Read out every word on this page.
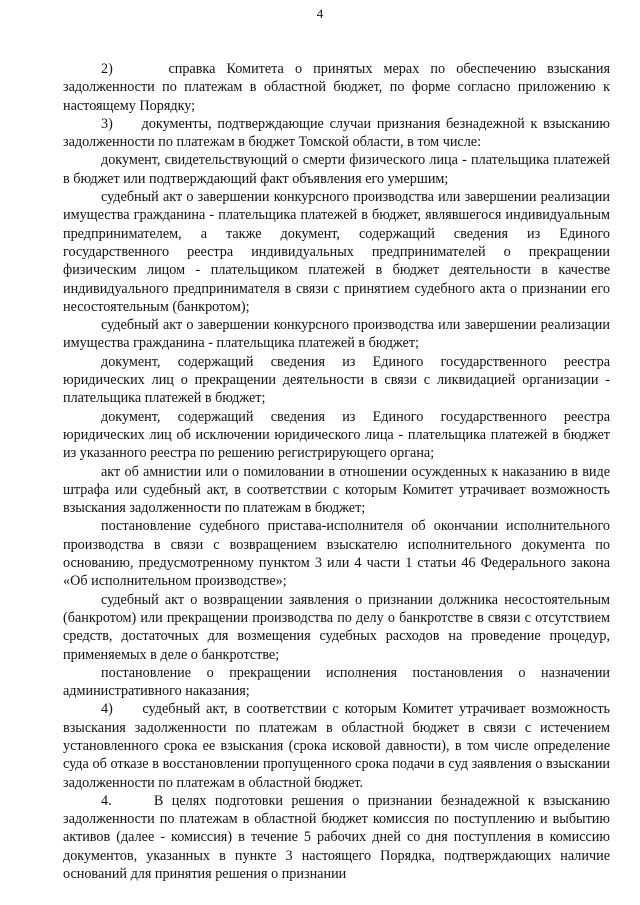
4

2)     справка Комитета о принятых мерах по обеспечению взыскания задолженности по платежам в областной бюджет, по форме согласно приложению к настоящему Порядку;

3)     документы, подтверждающие случаи признания безнадежной к взысканию задолженности по платежам в бюджет Томской области, в том числе:

документ, свидетельствующий о смерти физического лица - плательщика платежей в бюджет или подтверждающий факт объявления его умершим;

судебный акт о завершении конкурсного производства или завершении реализации имущества гражданина - плательщика платежей в бюджет, являвшегося индивидуальным предпринимателем, а также документ, содержащий сведения из Единого государственного реестра индивидуальных предпринимателей о прекращении физическим лицом - плательщиком платежей в бюджет деятельности в качестве индивидуального предпринимателя в связи с принятием судебного акта о признании его несостоятельным (банкротом);

судебный акт о завершении конкурсного производства или завершении реализации имущества гражданина - плательщика платежей в бюджет;

документ, содержащий сведения из Единого государственного реестра юридических лиц о прекращении деятельности в связи с ликвидацией организации - плательщика платежей в бюджет;

документ, содержащий сведения из Единого государственного реестра юридических лиц об исключении юридического лица - плательщика платежей в бюджет из указанного реестра по решению регистрирующего органа;

акт об амнистии или о помиловании в отношении осужденных к наказанию в виде штрафа или судебный акт, в соответствии с которым Комитет утрачивает возможность взыскания задолженности по платежам в бюджет;

постановление судебного пристава-исполнителя об окончании исполнительного производства в связи с возвращением взыскателю исполнительного документа по основанию, предусмотренному пунктом 3 или 4 части 1 статьи 46 Федерального закона «Об исполнительном производстве»;

судебный акт о возвращении заявления о признании должника несостоятельным (банкротом) или прекращении производства по делу о банкротстве в связи с отсутствием средств, достаточных для возмещения судебных расходов на проведение процедур, применяемых в деле о банкротстве;

постановление о прекращении исполнения постановления о назначении административного наказания;

4)     судебный акт, в соответствии с которым Комитет утрачивает возможность взыскания задолженности по платежам в областной бюджет в связи с истечением установленного срока ее взыскания (срока исковой давности), в том числе определение суда об отказе в восстановлении пропущенного срока подачи в суд заявления о взыскании задолженности по платежам в областной бюджет.

4.     В целях подготовки решения о признании безнадежной к взысканию задолженности по платежам в областной бюджет комиссия по поступлению и выбытию активов (далее - комиссия) в течение 5 рабочих дней со дня поступления в комиссию документов, указанных в пункте 3 настоящего Порядка, подтверждающих наличие оснований для принятия решения о признании
